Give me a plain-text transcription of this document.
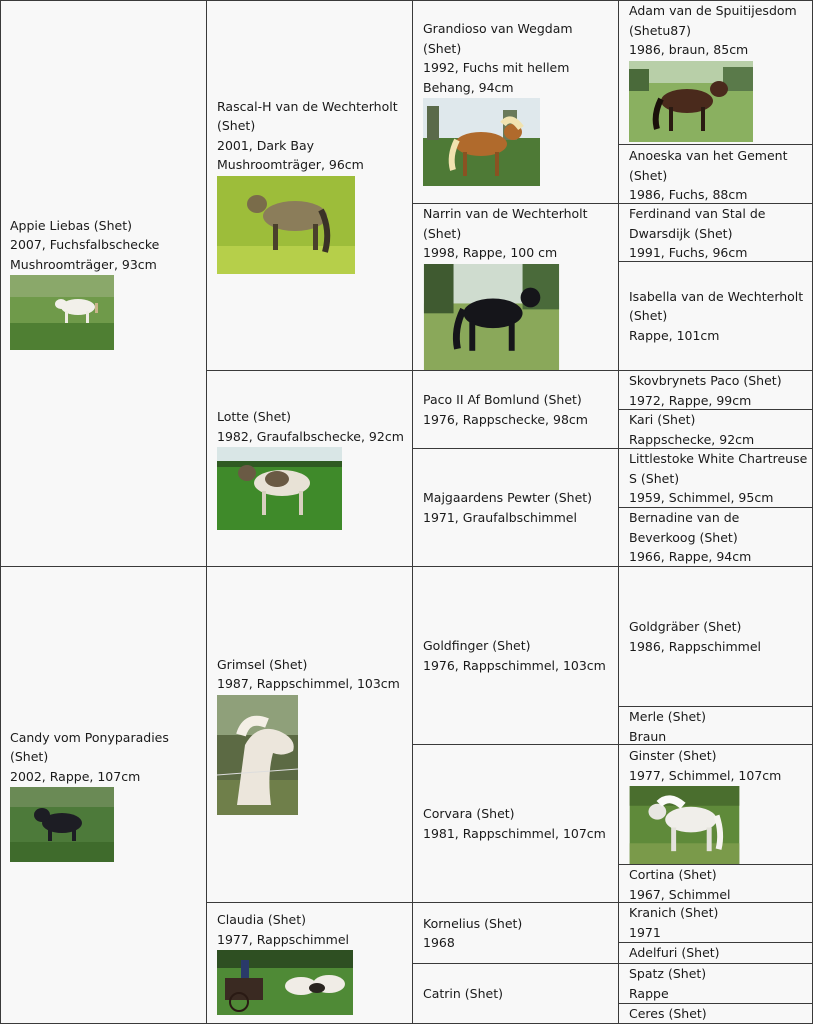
Appie Liebas (Shet)
2007, Fuchsfalbschecke Mushroomträger, 93cm
Candy vom Ponyparadies (Shet)
2002, Rappe, 107cm
Rascal-H van de Wechterholt (Shet)
2001, Dark Bay Mushroomträger, 96cm
Lotte (Shet)
1982, Graufalbschecke, 92cm
Grimsel (Shet)
1987, Rappschimmel, 103cm
Claudia (Shet)
1977, Rappschimmel
Grandioso van Wegdam (Shet)
1992, Fuchs mit hellem Behang, 94cm
Narrin van de Wechterholt (Shet)
1998, Rappe, 100 cm
Paco II Af Bomlund (Shet)
1976, Rappschecke, 98cm
Majgaardens Pewter (Shet)
1971, Graufalbschimmel
Goldfinger (Shet)
1976, Rappschimmel, 103cm
Corvara (Shet)
1981, Rappschimmel, 107cm
Kornelius (Shet)
1968
Catrin (Shet)
Adam van de Spuitijesdom (Shetu87)
1986, braun, 85cm
Anoeska van het Gement (Shet)
1986, Fuchs, 88cm
Ferdinand van Stal de Dwarsdijk (Shet)
1991, Fuchs, 96cm
Isabella van de Wechterholt (Shet)
Rappe, 101cm
Skovbrynets Paco (Shet)
1972, Rappe, 99cm
Kari (Shet)
Rappschecke, 92cm
Littlestoke White Chartreuse S (Shet)
1959, Schimmel, 95cm
Bernadine van de Beverkoog (Shet)
1966, Rappe, 94cm
Goldgräber (Shet)
1986, Rappschimmel
Merle (Shet)
Braun
Ginster (Shet)
1977, Schimmel, 107cm
Cortina (Shet)
1967, Schimmel
Kranich (Shet)
1971
Adelfuri (Shet)
Spatz (Shet)
Rappe
Ceres (Shet)
